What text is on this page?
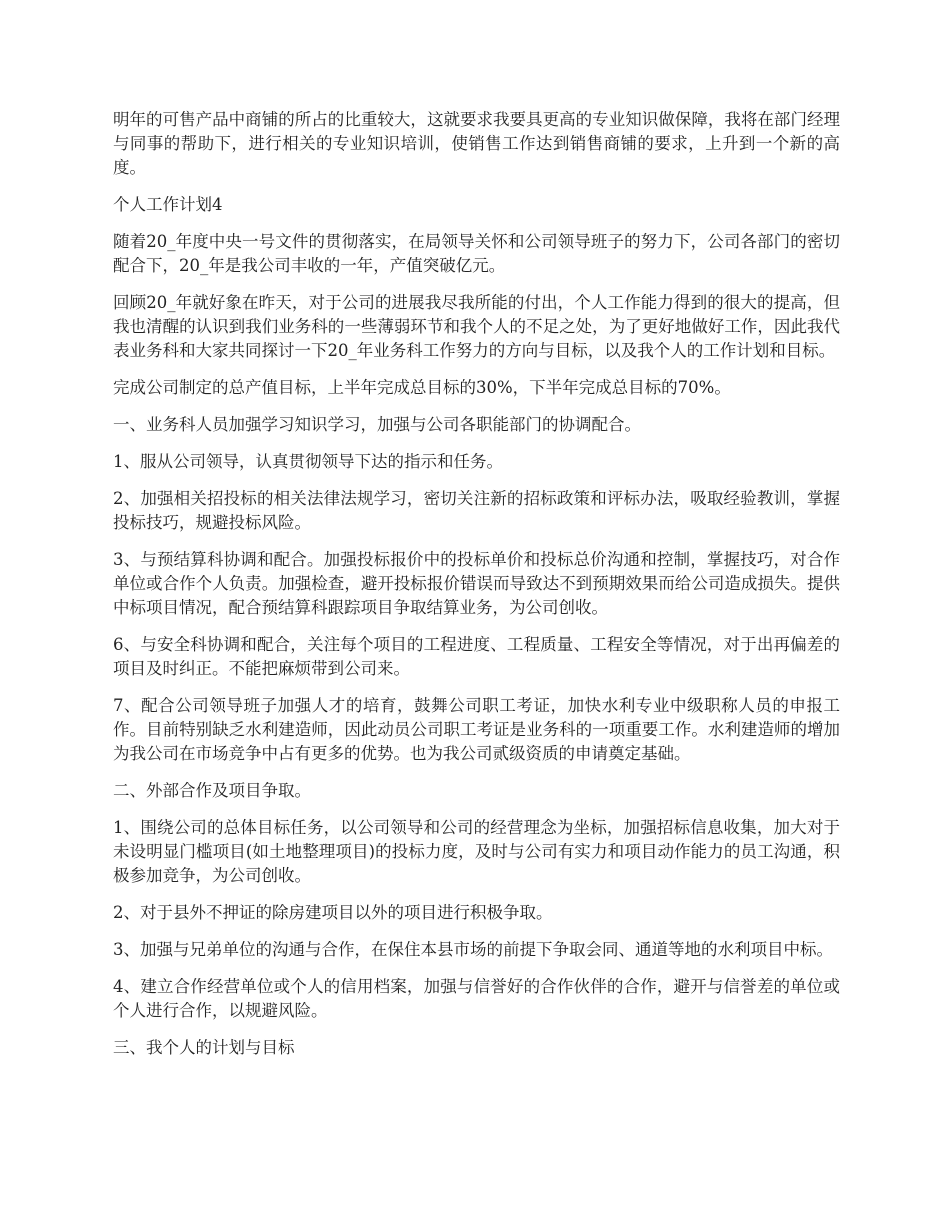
明年的可售产品中商铺的所占的比重较大，这就要求我要具更高的专业知识做保障，我将在部门经理与同事的帮助下，进行相关的专业知识培训，使销售工作达到销售商铺的要求，上升到一个新的高度。

个人工作计划4

随着20_年度中央一号文件的贯彻落实，在局领导关怀和公司领导班子的努力下，公司各部门的密切配合下，20_年是我公司丰收的一年，产值突破亿元。

回顾20_年就好象在昨天，对于公司的进展我尽我所能的付出，个人工作能力得到的很大的提高，但我也清醒的认识到我们业务科的一些薄弱环节和我个人的不足之处，为了更好地做好工作，因此我代表业务科和大家共同探讨一下20_年业务科工作努力的方向与目标，以及我个人的工作计划和目标。

完成公司制定的总产值目标，上半年完成总目标的30%，下半年完成总目标的70%。

一、业务科人员加强学习知识学习，加强与公司各职能部门的协调配合。

1、服从公司领导，认真贯彻领导下达的指示和任务。

2、加强相关招投标的相关法律法规学习，密切关注新的招标政策和评标办法，吸取经验教训，掌握投标技巧，规避投标风险。

3、与预结算科协调和配合。加强投标报价中的投标单价和投标总价沟通和控制，掌握技巧，对合作单位或合作个人负责。加强检查，避开投标报价错误而导致达不到预期效果而给公司造成损失。提供中标项目情况，配合预结算科跟踪项目争取结算业务，为公司创收。

6、与安全科协调和配合，关注每个项目的工程进度、工程质量、工程安全等情况，对于出再偏差的项目及时纠正。不能把麻烦带到公司来。

7、配合公司领导班子加强人才的培育，鼓舞公司职工考证，加快水利专业中级职称人员的申报工作。目前特别缺乏水利建造师，因此动员公司职工考证是业务科的一项重要工作。水利建造师的增加为我公司在市场竞争中占有更多的优势。也为我公司贰级资质的申请奠定基础。

二、外部合作及项目争取。

1、围绕公司的总体目标任务，以公司领导和公司的经营理念为坐标，加强招标信息收集，加大对于未设明显门槛项目(如土地整理项目)的投标力度，及时与公司有实力和项目动作能力的员工沟通，积极参加竞争，为公司创收。

2、对于县外不押证的除房建项目以外的项目进行积极争取。

3、加强与兄弟单位的沟通与合作，在保住本县市场的前提下争取会同、通道等地的水利项目中标。

4、建立合作经营单位或个人的信用档案，加强与信誉好的合作伙伴的合作，避开与信誉差的单位或个人进行合作，以规避风险。

三、我个人的计划与目标
